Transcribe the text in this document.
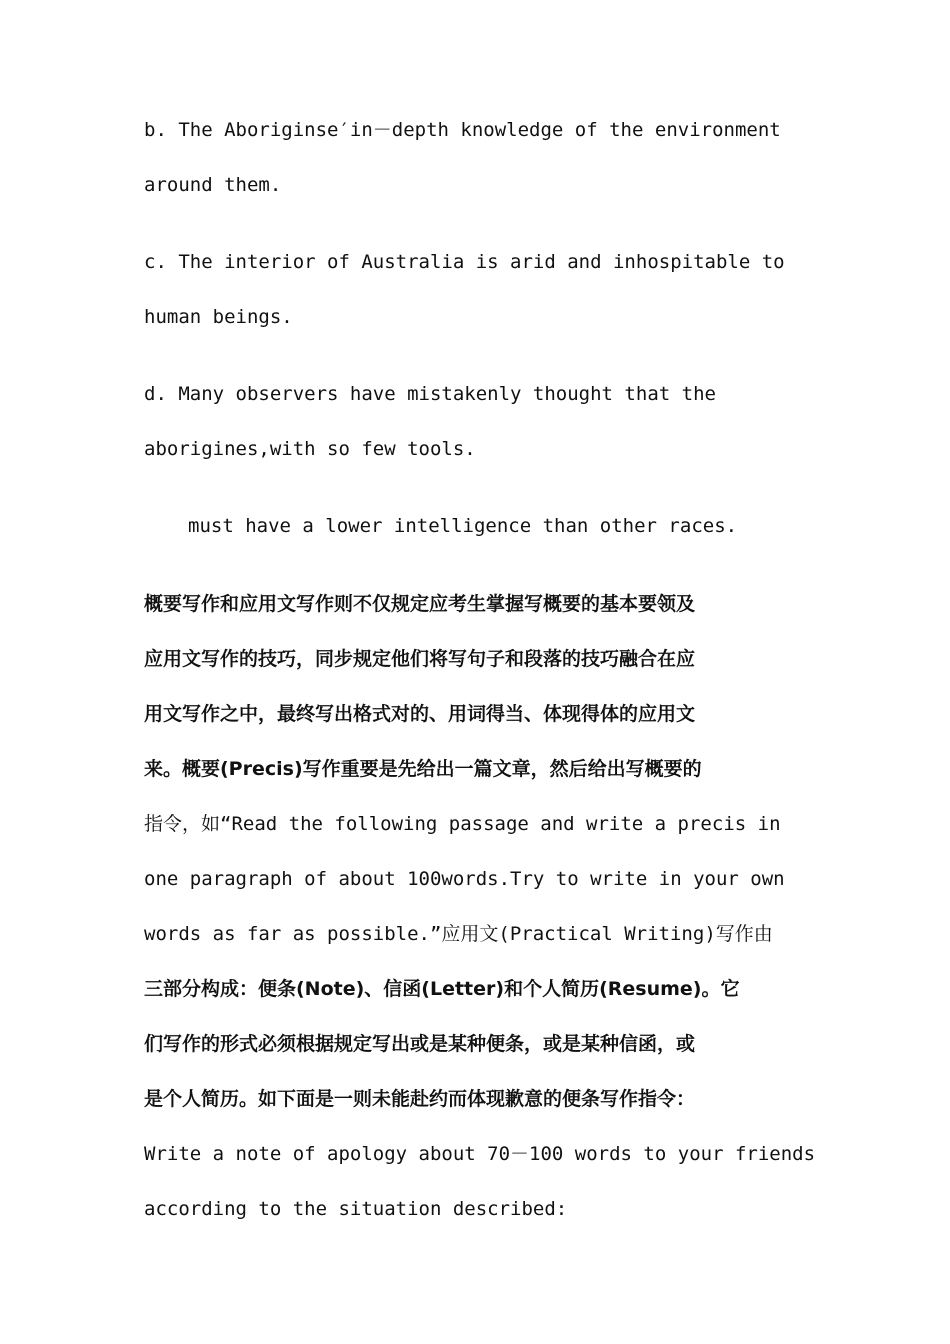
b. The Aboriginse′in－depth knowledge of the environment

around them.

c. The interior of Australia is arid and inhospitable to

human beings.

d. Many observers have mistakenly thought that the

aborigines,with so few tools.

must have a lower intelligence than other races.

概要写作和应用文写作则不仅规定应考生掌握写概要的基本要领及

应用文写作的技巧，同步规定他们将写句子和段落的技巧融合在应

用文写作之中，最终写出格式对的、用词得当、体现得体的应用文

来。概要(Precis)写作重要是先给出一篇文章，然后给出写概要的

指令，如“Read the following passage and write a precis in

one paragraph of about 100words.Try to write in your own

words as far as possible.”应用文(Practical Writing)写作由

三部分构成：便条(Note)、信函(Letter)和个人简历(Resume)。它

们写作的形式必须根据规定写出或是某种便条，或是某种信函，或

是个人简历。如下面是一则未能赴约而体现歉意的便条写作指令：

Write a note of apology about 70－100 words to your friends

according to the situation described:
